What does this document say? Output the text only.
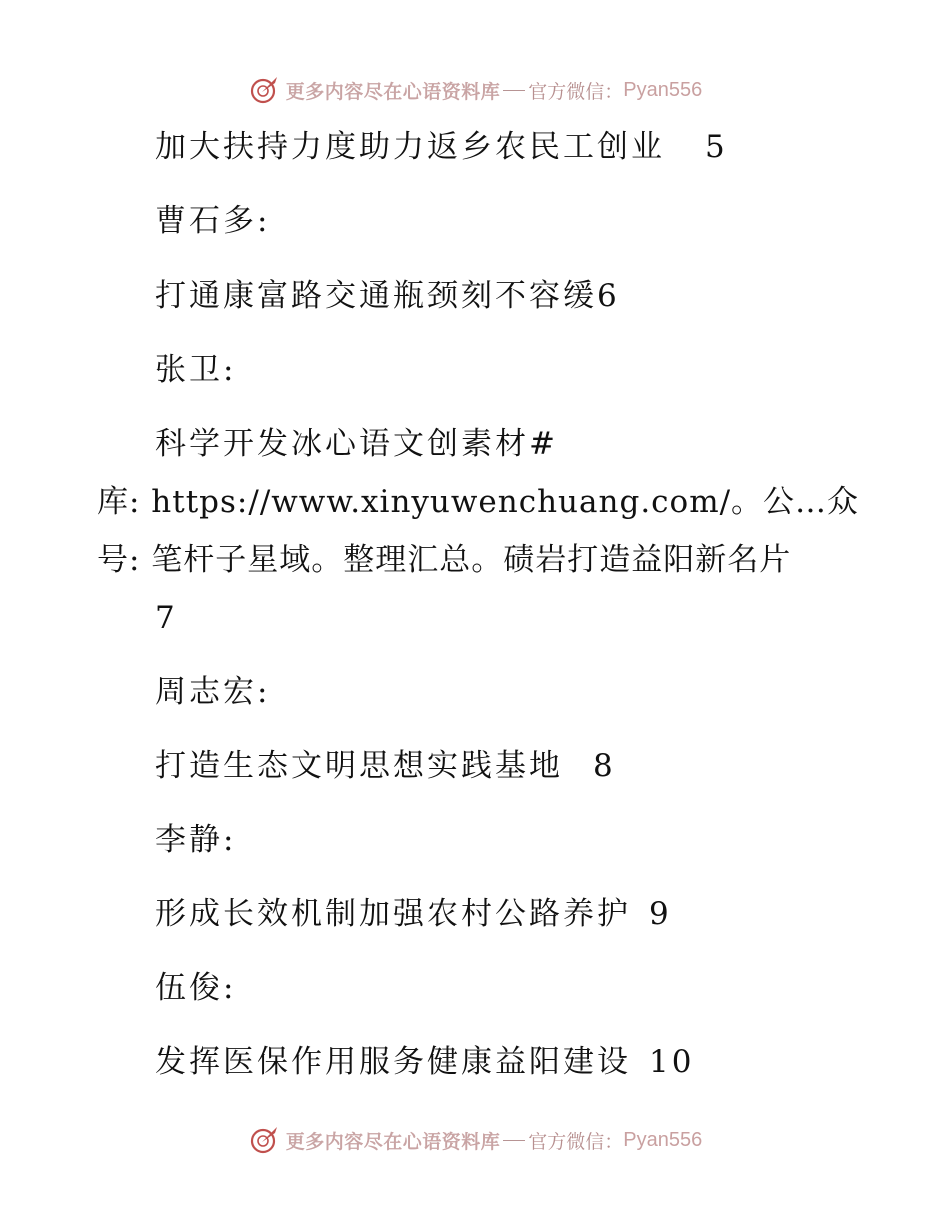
更多内容尽在心语资料库 官方微信： Pyan556
加大扶持力度助力返乡农民工创业 5
曹石多:
打通康富路交通瓶颈刻不容缓6
张卫:
科学开发冰心语文创素材#
库: https://www.xinyuwenchuang.com/。公…众
号: 笔杆子星域。整理汇总。碛岩打造益阳新名片
7
周志宏:
打造生态文明思想实践基地 8
李静:
形成长效机制加强农村公路养护 9
伍俊:
发挥医保作用服务健康益阳建设 10
更多内容尽在心语资料库 官方微信： Pyan556
